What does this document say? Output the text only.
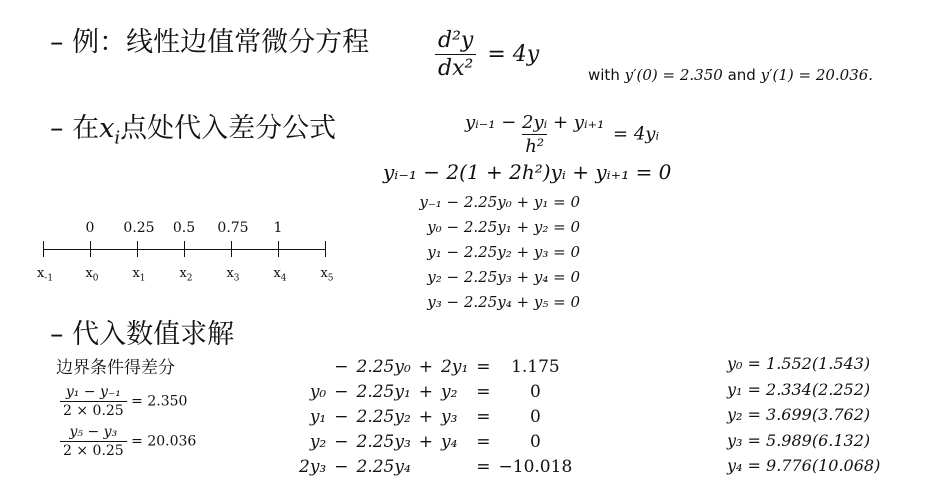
– 例：线性边值常微分方程	$\frac{\text{d²y}}{\text{dx²}} = 4y$
with y′(0) = 2.350 and y′(1) = 20.036.
– 在$x_i$点处代入差分公式	$\frac{\text{yᵢ₋₁ − 2yᵢ + yᵢ₊₁}}{\text{h²}}$ = 4yᵢ
yᵢ₋₁ − 2(1 + 2h²)yᵢ + yᵢ₊₁ = 0
y₋₁ − 2.25y₀ + y₁ = 0
y₀ − 2.25y₁ + y₂ = 0
y₁ − 2.25y₂ + y₃ = 0
y₂ − 2.25y₃ + y₄ = 0
y₃ − 2.25y₄ + y₅ = 0
0 0.25 0.5 0.75 1
$x_{-1}$ $x_0$	$x_1$	$x_2$	$x_3$	$x_4$	$x_5$
– 代入数值求解
边界条件得差分
$\frac{\text{y₁ − y₋₁}}{2 \times 0.25} = 2.350$
$\frac{\text{y₅ − y₃}}{2 \times 0.25} = 20.036$
	−	2.25y₀	+	2y₁	=	1.175
y₀	−	2.25y₁	+	y₂	=	0
y₁	−	2.25y₂	+	y₃	=	0
y₂	−	2.25y₃	+	y₄	=	0
2y₃	−	2.25y₄			=	−10.018
y₀ = 1.552(1.543)
y₁ = 2.334(2.252)
y₂ = 3.699(3.762)
y₃ = 5.989(6.132)
y₄ = 9.776(10.068)
